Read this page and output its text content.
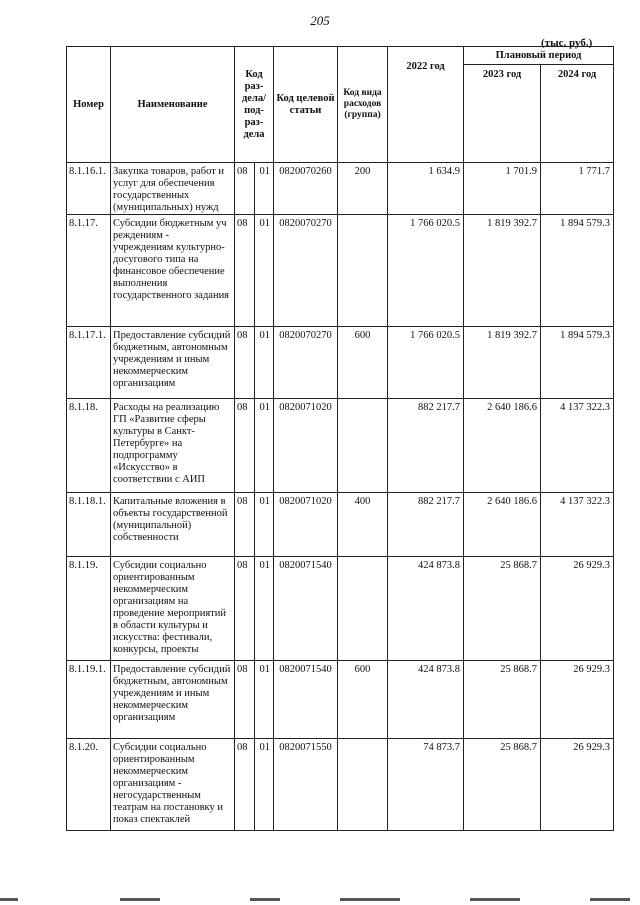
205
(тыс. руб.)
Номер	Наименование	Код раз- дела/ под- раз- дела		Код целевой статьи	Код вида расходов (группа)	2022 год	Плановый период	
							2023 год	2024 год
8.1.16.1.	Закупка товаров, работ и услуг для обеспечения государственных (муниципальных) нужд	08	01	0820070260	200	1 634.9	1 701.9	1 771.7
8.1.17.	Субсидии бюджетным уч реждениям - учреждениям культурно-досугового типа на финансовое обеспечение выполнения государственного задания	08	01	0820070270		1 766 020.5	1 819 392.7	1 894 579.3
8.1.17.1.	Предоставление субсидий бюджетным, автономным учреждениям и иным некоммерческим организациям	08	01	0820070270	600	1 766 020.5	1 819 392.7	1 894 579.3
8.1.18.	Расходы на реализацию ГП «Развитие сферы культуры в Санкт-Петербурге» на подпрограмму «Искусство» в соответствии с АИП	08	01	0820071020		882 217.7	2 640 186.6	4 137 322.3
8.1.18.1.	Капитальные вложения в объекты государственной (муниципальной) собственности	08	01	0820071020	400	882 217.7	2 640 186.6	4 137 322.3
8.1.19.	Субсидии социально ориентированным некоммерческим организациям на проведение мероприятий в области культуры и искусства: фестивали, конкурсы, проекты	08	01	0820071540		424 873.8	25 868.7	26 929.3
8.1.19.1.	Предоставление субсидий бюджетным, автономным учреждениям и иным некоммерческим организациям	08	01	0820071540	600	424 873.8	25 868.7	26 929.3
8.1.20.	Субсидии социально ориентированным некоммерческим организациям - негосударственным театрам на постановку и показ спектаклей	08	01	0820071550		74 873.7	25 868.7	26 929.3
